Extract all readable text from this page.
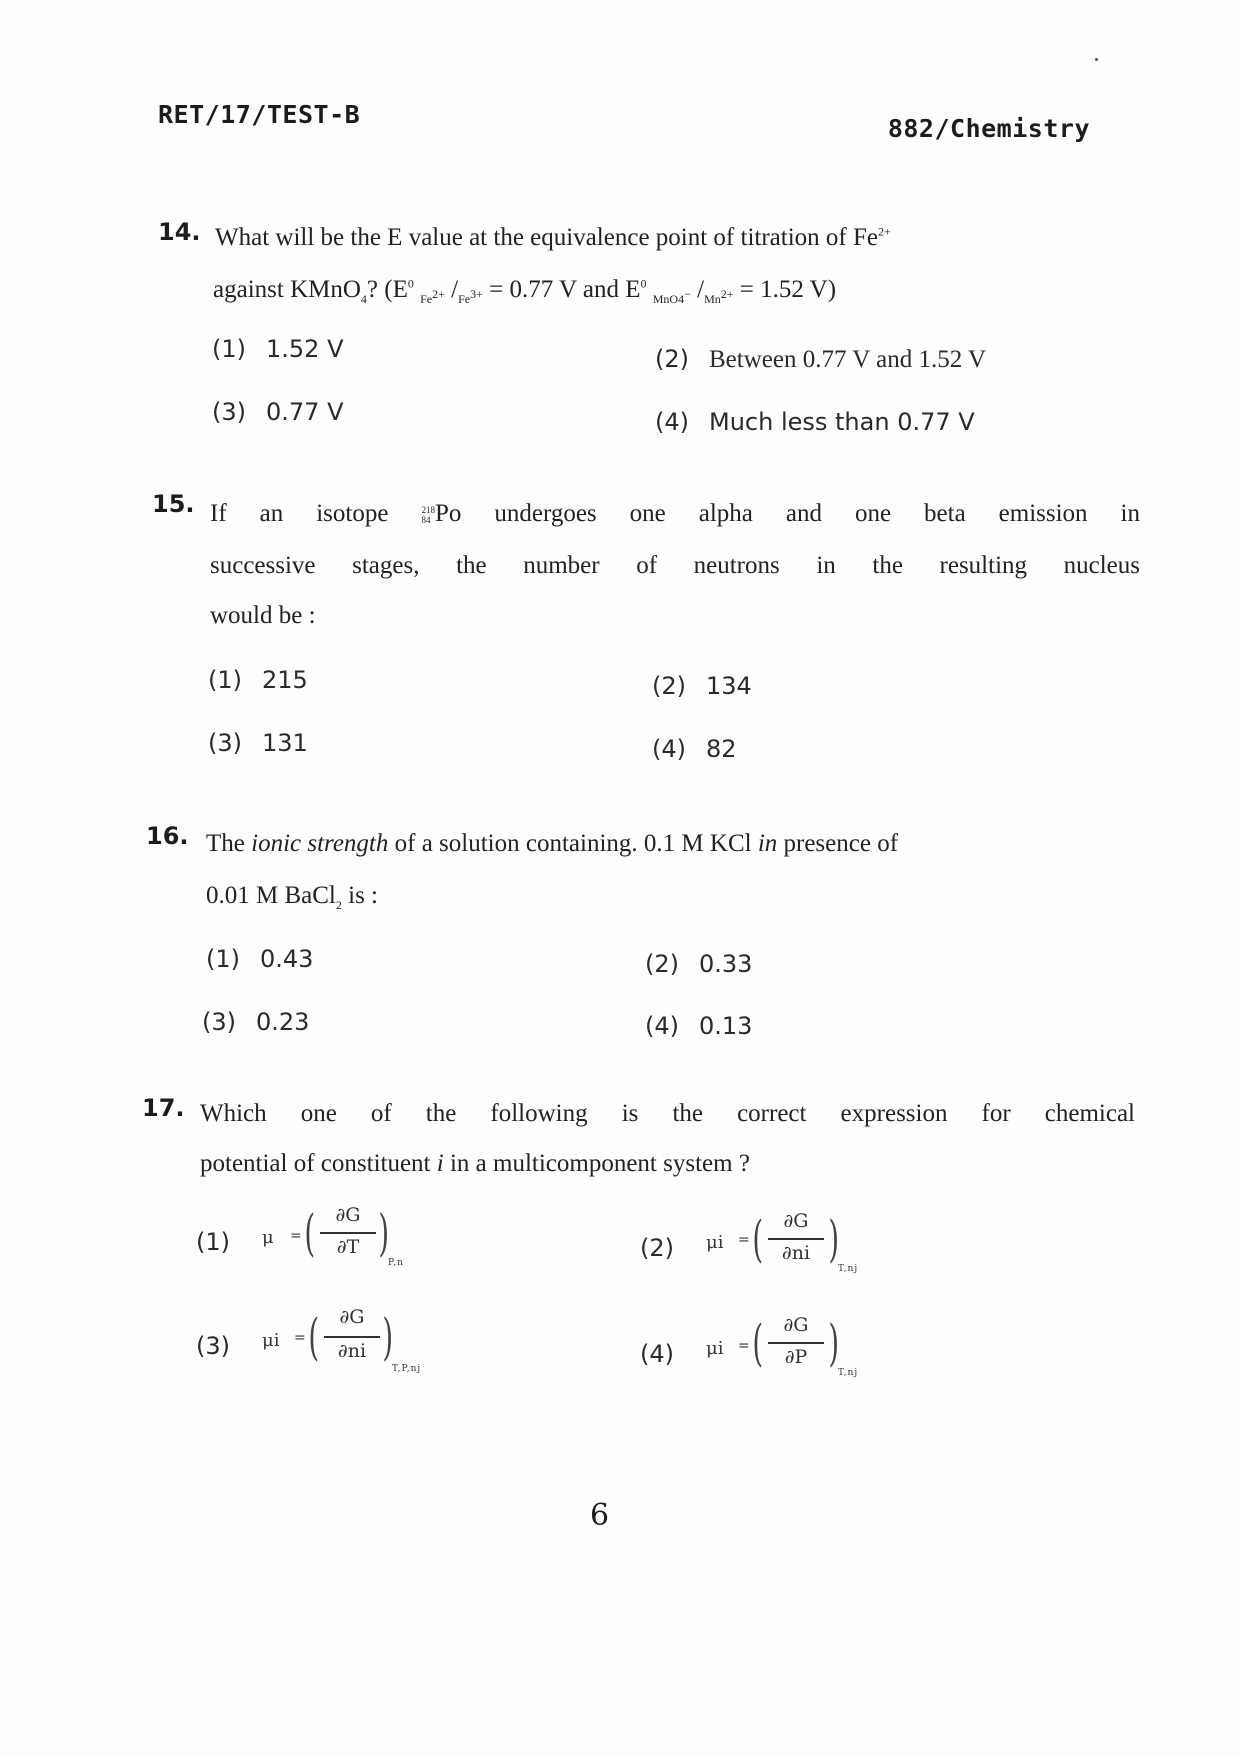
RET/17/TEST-B	882/Chemistry
14. What will be the E value at the equivalence point of titration of $Fe^{2+}$
against KMnO$_4$? ($E^0$ $_{Fe^{2+}}$ $/_{Fe^{3+}} = 0.77$ V and $E^0$ $_{MnO4^-}$ $/_{Mn^{2+}} = 1.52$ V)
(1) 1.52 V	(2) Between 0.77 V and 1.52 V
(3) 0.77 V	(4) Much less than 0.77 V
15. If an isotope 218
84 Po undergoes one alpha and one beta emission in
successive stages, the number of neutrons in the resulting nucleus
would be :
(1) 215	(2) 134
(3) 131	(4) 82
16. The ionic strength of a solution containing. 0.1 M KCl in presence of
0.01 M BaCl$_2$ is :
(1) 0.43	(2) 0.33
(3) 0.23	(4) 0.13
17. Which one of the following is the correct expression for chemical
potential of constituent i in a multicomponent system ?
(1) μ = (	∂G
∂T )
P,n
(2) μi = (	∂G
∂ni )
T,nj
(3) μi = (	∂G
∂ni )
T,P,nj
(4) μi = (	∂G
∂P )
T,nj
6
